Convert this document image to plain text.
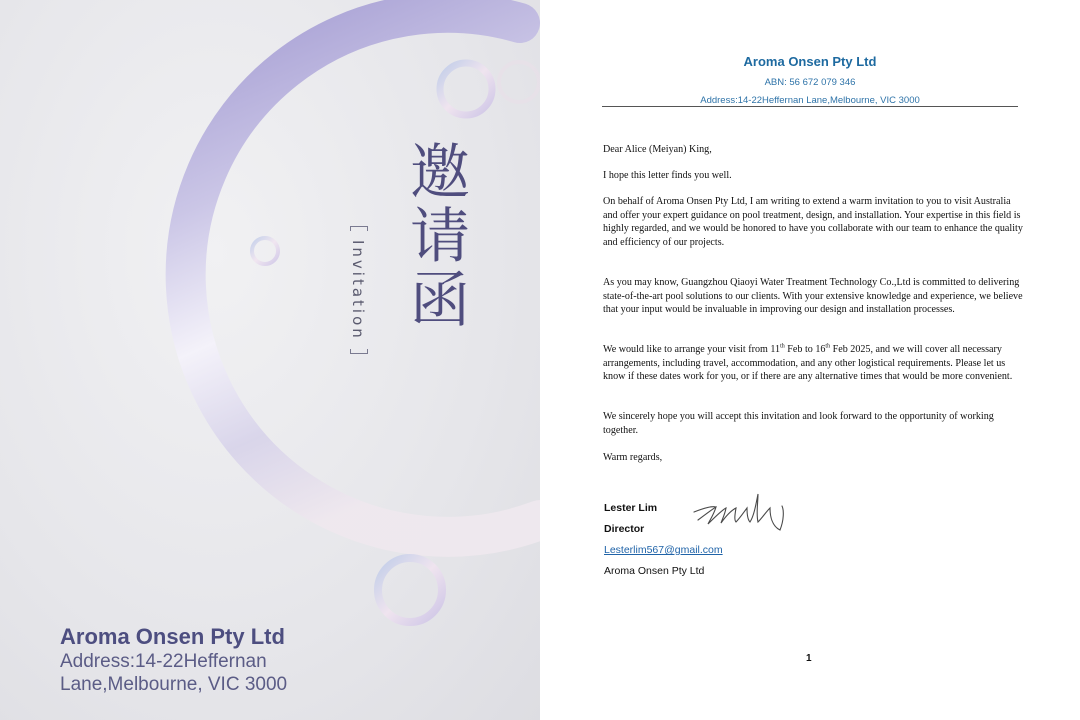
邀请函
Invitation
Aroma Onsen Pty Ltd
Address:14-22Heffernan Lane,Melbourne, VIC 3000
Aroma Onsen Pty Ltd
ABN: 56 672 079 346
Address:14-22Heffernan Lane,Melbourne, VIC 3000

Dear Alice (Meiyan) King,

I hope this letter finds you well.

On behalf of Aroma Onsen Pty Ltd, I am writing to extend a warm invitation to you to visit Australia and offer your expert guidance on pool treatment, design, and installation. Your expertise in this field is highly regarded, and we would be honored to have you collaborate with our team to enhance the quality and efficiency of our projects.

As you may know, Guangzhou Qiaoyi Water Treatment Technology Co.,Ltd is committed to delivering state-of-the-art pool solutions to our clients. With your extensive knowledge and experience, we believe that your input would be invaluable in improving our design and installation processes.

We would like to arrange your visit from 11th Feb to 16th Feb 2025, and we will cover all necessary arrangements, including travel, accommodation, and any other logistical requirements. Please let us know if these dates work for you, or if there are any alternative times that would be more convenient.

We sincerely hope you will accept this invitation and look forward to the opportunity of working together.

Warm regards,

Lester Lim
Director
Lesterlim567@gmail.com
Aroma Onsen Pty Ltd
1
